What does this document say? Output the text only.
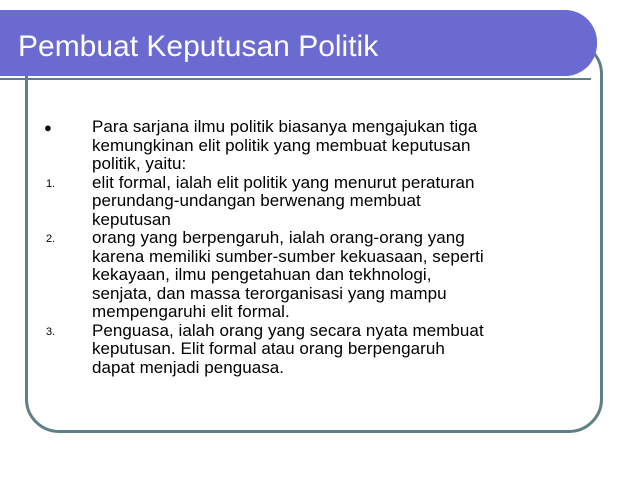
Pembuat Keputusan Politik
●	Para sarjana ilmu politik biasanya mengajukan tiga
kemungkinan elit politik yang membuat keputusan
politik, yaitu:
1.	elit formal, ialah elit politik yang menurut peraturan
perundang-undangan berwenang membuat
keputusan
2.	orang yang berpengaruh, ialah orang-orang yang
karena memiliki sumber-sumber kekuasaan, seperti
kekayaan, ilmu pengetahuan dan tekhnologi,
senjata, dan massa terorganisasi yang mampu
mempengaruhi elit formal.
3.	Penguasa, ialah orang yang secara nyata membuat
keputusan. Elit formal atau orang berpengaruh
dapat menjadi penguasa.
